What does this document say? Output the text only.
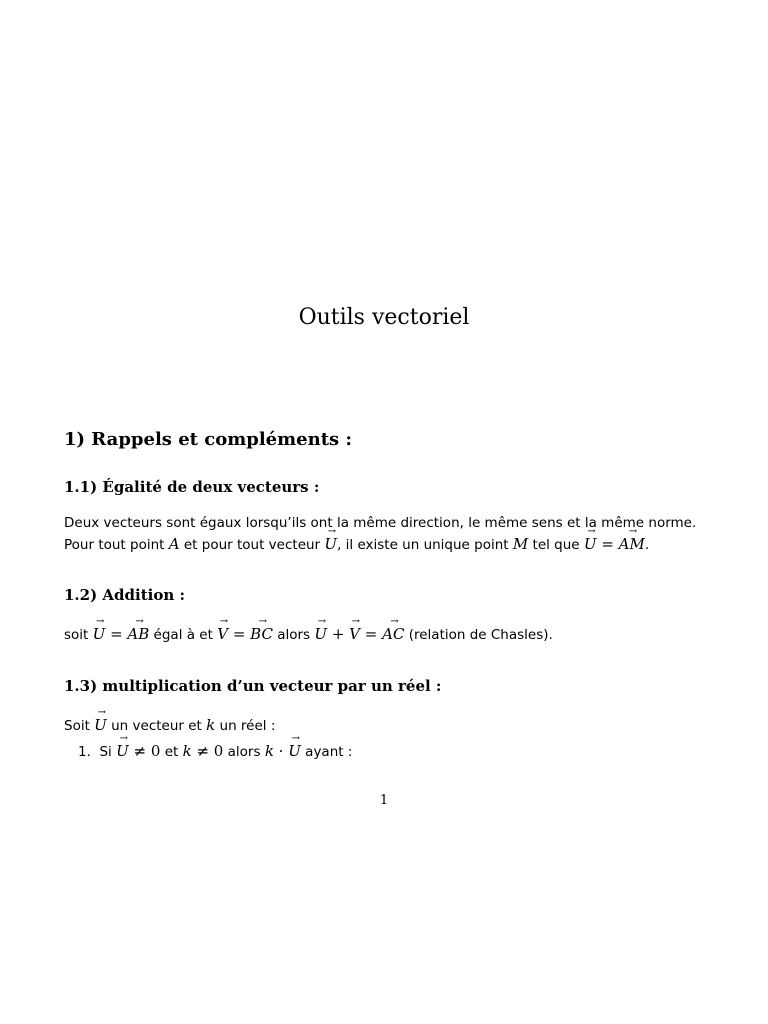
Outils vectoriel
1) Rappels et compléments :
1.1) Égalité de deux vecteurs :
Deux vecteurs sont égaux lorsqu’ils ont la même direction, le même sens et la même norme.
Pour tout point A et pour tout vecteur → U, il existe un unique point M tel que → U = → AM.
1.2) Addition :
soit → U = → AB égal à et → V = → BC alors → U + → V = → AC (relation de Chasles).
1.3) multiplication d’un vecteur par un réel :
Soit → U un vecteur et k un réel :
1. Si → U ≠ 0 et k ≠ 0 alors k · → U ayant :
1
